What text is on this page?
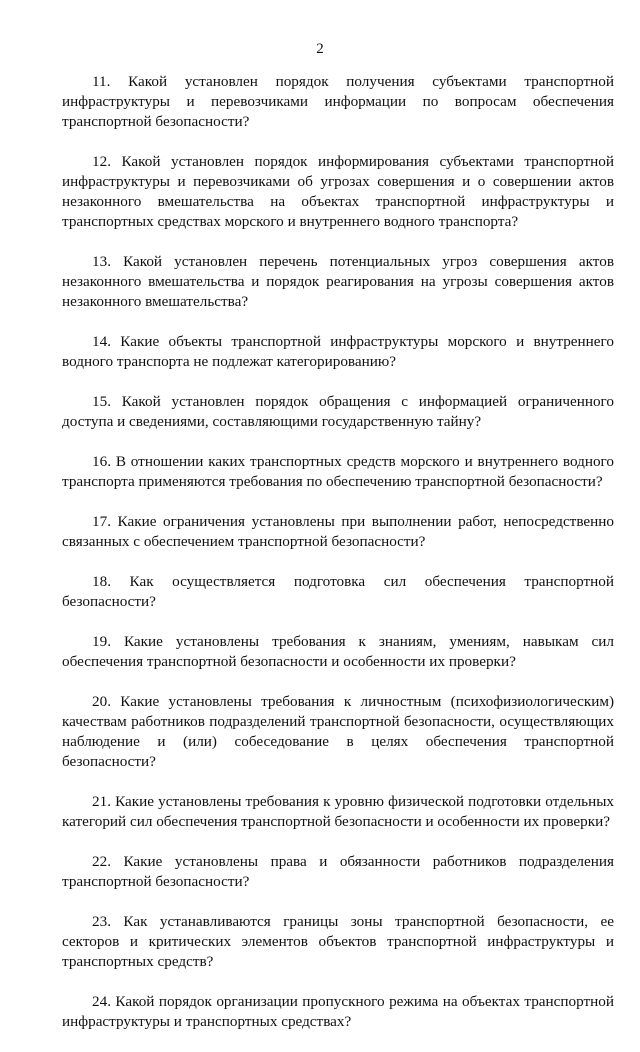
2

11. Какой установлен порядок получения субъектами транспортной инфраструктуры и перевозчиками информации по вопросам обеспечения транспортной безопасности?

12. Какой установлен порядок информирования субъектами транспортной инфраструктуры и перевозчиками об угрозах совершения и о совершении актов незаконного вмешательства на объектах транспортной инфраструктуры и транспортных средствах морского и внутреннего водного транспорта?

13. Какой установлен перечень потенциальных угроз совершения актов незаконного вмешательства и порядок реагирования на угрозы совершения актов незаконного вмешательства?

14. Какие объекты транспортной инфраструктуры морского и внутреннего водного транспорта не подлежат категорированию?

15. Какой установлен порядок обращения с информацией ограниченного доступа и сведениями, составляющими государственную тайну?

16. В отношении каких транспортных средств морского и внутреннего водного транспорта применяются требования по обеспечению транспортной безопасности?

17. Какие ограничения установлены при выполнении работ, непосредственно связанных с обеспечением транспортной безопасности?

18. Как осуществляется подготовка сил обеспечения транспортной безопасности?

19. Какие установлены требования к знаниям, умениям, навыкам сил обеспечения транспортной безопасности и особенности их проверки?

20. Какие установлены требования к личностным (психофизиологическим) качествам работников подразделений транспортной безопасности, осуществляющих наблюдение и (или) собеседование в целях обеспечения транспортной безопасности?

21. Какие установлены требования к уровню физической подготовки отдельных категорий сил обеспечения транспортной безопасности и особенности их проверки?

22. Какие установлены права и обязанности работников подразделения транспортной безопасности?

23. Как устанавливаются границы зоны транспортной безопасности, ее секторов и критических элементов объектов транспортной инфраструктуры и транспортных средств?

24. Какой порядок организации пропускного режима на объектах транспортной инфраструктуры и транспортных средствах?
